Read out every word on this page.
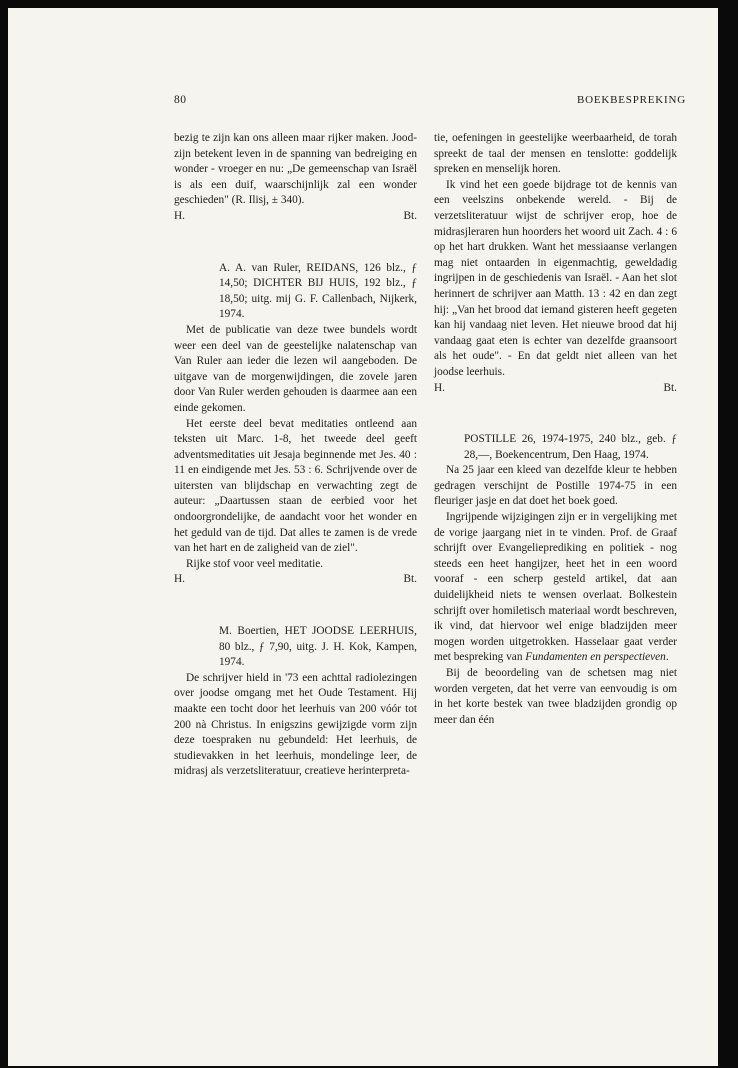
80	BOEKBESPREKING

bezig te zijn kan ons alleen maar rijker maken. Jood-zijn betekent leven in de spanning van bedreiging en wonder - vroeger en nu: „De gemeenschap van Israël is als een duif, waarschijnlijk zal een wonder geschieden" (R. Ilisj, ± 340).

H.	Bt.

A. A. van Ruler, REIDANS, 126 blz., ƒ 14,50; DICHTER BIJ HUIS, 192 blz., ƒ 18,50; uitg. mij G. F. Callenbach, Nijkerk, 1974.

Met de publicatie van deze twee bundels wordt weer een deel van de geestelijke nalatenschap van Van Ruler aan ieder die lezen wil aangeboden. De uitgave van de morgenwijdingen, die zovele jaren door Van Ruler werden gehouden is daarmee aan een einde gekomen.

Het eerste deel bevat meditaties ontleend aan teksten uit Marc. 1-8, het tweede deel geeft adventsmeditaties uit Jesaja beginnende met Jes. 40 : 11 en eindigende met Jes. 53 : 6. Schrijvende over de uitersten van blijdschap en verwachting zegt de auteur: „Daartussen staan de eerbied voor het ondoorgrondelijke, de aandacht voor het wonder en het geduld van de tijd. Dat alles te zamen is de vrede van het hart en de zaligheid van de ziel".

Rijke stof voor veel meditatie.

H.	Bt.

M. Boertien, HET JOODSE LEERHUIS, 80 blz., ƒ 7,90, uitg. J. H. Kok, Kampen, 1974.

De schrijver hield in '73 een achttal radiolezingen over joodse omgang met het Oude Testament. Hij maakte een tocht door het leerhuis van 200 vóór tot 200 nà Christus. In enigszins gewijzigde vorm zijn deze toespraken nu gebundeld: Het leerhuis, de studievakken in het leerhuis, mondelinge leer, de midrasj als verzetsliteratuur, creatieve herinterpreta-

tie, oefeningen in geestelijke weerbaarheid, de torah spreekt de taal der mensen en tenslotte: goddelijk spreken en menselijk horen.

Ik vind het een goede bijdrage tot de kennis van een veelszins onbekende wereld. - Bij de verzetsliteratuur wijst de schrijver erop, hoe de midrasjleraren hun hoorders het woord uit Zach. 4 : 6 op het hart drukken. Want het messiaanse verlangen mag niet ontaarden in eigenmachtig, geweldadig ingrijpen in de geschiedenis van Israël. - Aan het slot herinnert de schrijver aan Matth. 13 : 42 en dan zegt hij: „Van het brood dat iemand gisteren heeft gegeten kan hij vandaag niet leven. Het nieuwe brood dat hij vandaag gaat eten is echter van dezelfde graansoort als het oude". - En dat geldt niet alleen van het joodse leerhuis.

H.	Bt.

POSTILLE 26, 1974-1975, 240 blz., geb. ƒ 28,—, Boekencentrum, Den Haag, 1974.

Na 25 jaar een kleed van dezelfde kleur te hebben gedragen verschijnt de Postille 1974-75 in een fleuriger jasje en dat doet het boek goed.

Ingrijpende wijzigingen zijn er in vergelijking met de vorige jaargang niet in te vinden. Prof. de Graaf schrijft over Evangelieprediking en politiek - nog steeds een heet hangijzer, heet het in een woord vooraf - een scherp gesteld artikel, dat aan duidelijkheid niets te wensen overlaat. Bolkestein schrijft over homiletisch materiaal wordt beschreven, ik vind, dat hiervoor wel enige bladzijden meer mogen worden uitgetrokken. Hasselaar gaat verder met bespreking van Fundamenten en perspectieven.

Bij de beoordeling van de schetsen mag niet worden vergeten, dat het verre van eenvoudig is om in het korte bestek van twee bladzijden grondig op meer dan één
